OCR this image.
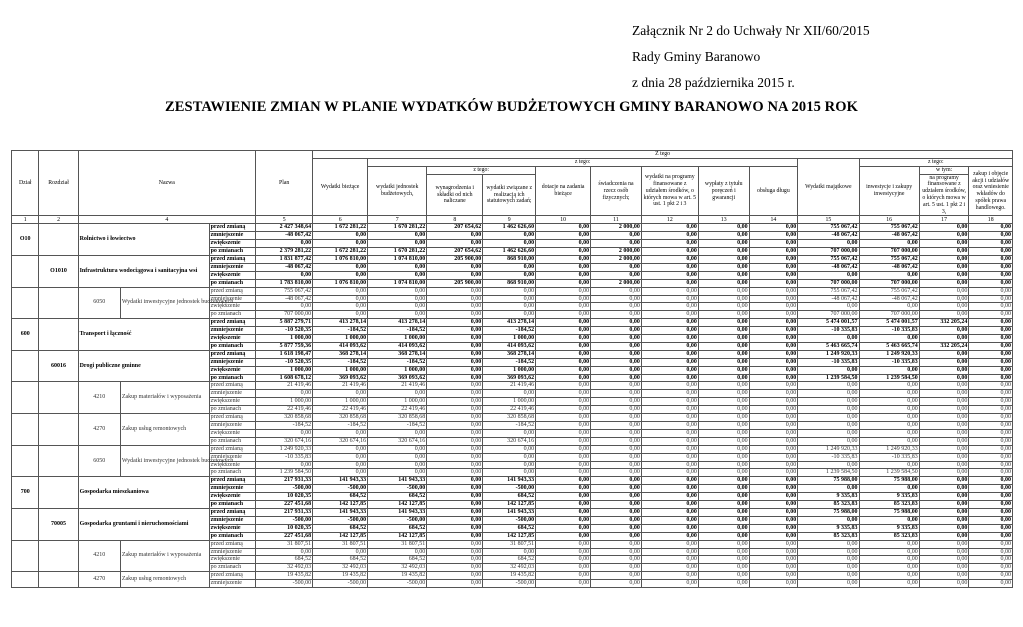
Załącznik Nr 2 do Uchwały Nr XII/60/2015
Rady Gminy Baranowo
z dnia 28 października 2015 r.
ZESTAWIENIE ZMIAN W PLANIE WYDATKÓW BUDŻETOWYCH GMINY BARANOWO NA 2015 ROK
Dział	Rozdział	Nazwa			Plan	Z tego												
						Wydatki bieżące	z tego:								Wydatki majątkowe	z tego:		
							wydatki jednostek budżetowych,	z tego:		dotacje na zadania bieżące	świadczenia na rzecz osób fizycznych;	wydatki na programy finansowane z udziałem środków, o których mowa w art. 5 ust. 1 pkt 2 i 3	wypłaty z tytułu poręczeń i gwarancji	obsługa długu		inwestycje i zakupy inwestycyjne	w tym:	zakup i objęcie akcji i udziałów oraz wniesienie wkładów do spółek prawa handlowego.
								wynagrodzenia i składki od nich naliczane	wydatki związane z realizacją ich statutowych zadań;								na programy finansowane z udziałem środków, o których mowa w art. 5 ust. 1 pkt 2 i 3,	
1	2	4			5	6	7	8	9	10	11	12	13	14	15	16	17	18
O10		Rolnictwo i łowiectwo		przed zmianą	2 427 348,64	1 672 281,22	1 670 281,22	207 654,62	1 462 626,60	0,00	2 000,00	0,00	0,00	0,00	755 067,42	755 067,42	0,00	0,00
				zmniejszenie	-48 067,42	0,00	0,00	0,00	0,00	0,00	0,00	0,00	0,00	0,00	-48 067,42	-48 067,42	0,00	0,00
				zwiększenie	0,00	0,00	0,00	0,00	0,00	0,00	0,00	0,00	0,00	0,00	0,00	0,00	0,00	0,00
				po zmianach	2 379 281,22	1 672 281,22	1 670 281,22	207 654,62	1 462 626,60	0,00	2 000,00	0,00	0,00	0,00	707 000,00	707 000,00	0,00	0,00
	O1010	Infrastruktura wodociągowa i sanitacyjna wsi		przed zmianą	1 831 877,42	1 076 810,00	1 074 810,00	205 900,00	868 910,00	0,00	2 000,00	0,00	0,00	0,00	755 067,42	755 067,42	0,00	0,00
				zmniejszenie	-48 067,42	0,00	0,00	0,00	0,00	0,00	0,00	0,00	0,00	0,00	-48 067,42	-48 067,42	0,00	0,00
				zwiększenie	0,00	0,00	0,00	0,00	0,00	0,00	0,00	0,00	0,00	0,00	0,00	0,00	0,00	0,00
				po zmianach	1 783 810,00	1 076 810,00	1 074 810,00	205 900,00	868 910,00	0,00	2 000,00	0,00	0,00	0,00	707 000,00	707 000,00	0,00	0,00
		6050	Wydatki inwestycyjne jednostek budżetowych	przed zmianą	755 067,42	0,00	0,00	0,00	0,00	0,00	0,00	0,00	0,00	0,00	755 067,42	755 067,42	0,00	0,00
				zmniejszenie	-48 067,42	0,00	0,00	0,00	0,00	0,00	0,00	0,00	0,00	0,00	-48 067,42	-48 067,42	0,00	0,00
				zwiększenie	0,00	0,00	0,00	0,00	0,00	0,00	0,00	0,00	0,00	0,00	0,00	0,00	0,00	0,00
				po zmianach	707 000,00	0,00	0,00	0,00	0,00	0,00	0,00	0,00	0,00	0,00	707 000,00	707 000,00	0,00	0,00
600		Transport i łączność		przed zmianą	5 887 279,71	413 278,14	413 278,14	0,00	413 278,14	0,00	0,00	0,00	0,00	0,00	5 474 001,57	5 474 001,57	332 205,24	0,00
				zmniejszenie	-10 520,35	-184,52	-184,52	0,00	-184,52	0,00	0,00	0,00	0,00	0,00	-10 335,83	-10 335,83	0,00	0,00
				zwiększenie	1 000,00	1 000,00	1 000,00	0,00	1 000,00	0,00	0,00	0,00	0,00	0,00	0,00	0,00	0,00	0,00
				po zmianach	5 877 759,36	414 093,62	414 093,62	0,00	414 093,62	0,00	0,00	0,00	0,00	0,00	5 463 665,74	5 463 665,74	332 205,24	0,00
	60016	Drogi publiczne gminne		przed zmianą	1 618 198,47	368 278,14	368 278,14	0,00	368 278,14	0,00	0,00	0,00	0,00	0,00	1 249 920,33	1 249 920,33	0,00	0,00
				zmniejszenie	-10 520,35	-184,52	-184,52	0,00	-184,52	0,00	0,00	0,00	0,00	0,00	-10 335,83	-10 335,83	0,00	0,00
				zwiększenie	1 000,00	1 000,00	1 000,00	0,00	1 000,00	0,00	0,00	0,00	0,00	0,00	0,00	0,00	0,00	0,00
				po zmianach	1 608 678,12	369 093,62	369 093,62	0,00	369 093,62	0,00	0,00	0,00	0,00	0,00	1 239 584,50	1 239 584,50	0,00	0,00
		4210	Zakup materiałów i wyposażenia	przed zmianą	21 419,46	21 419,46	21 419,46	0,00	21 419,46	0,00	0,00	0,00	0,00	0,00	0,00	0,00	0,00	0,00
				zmniejszenie	0,00	0,00	0,00	0,00	0,00	0,00	0,00	0,00	0,00	0,00	0,00	0,00	0,00	0,00
				zwiększenie	1 000,00	1 000,00	1 000,00	0,00	1 000,00	0,00	0,00	0,00	0,00	0,00	0,00	0,00	0,00	0,00
				po zmianach	22 419,46	22 419,46	22 419,46	0,00	22 419,46	0,00	0,00	0,00	0,00	0,00	0,00	0,00	0,00	0,00
		4270	Zakup usług remontowych	przed zmianą	320 858,68	320 858,68	320 858,68	0,00	320 858,68	0,00	0,00	0,00	0,00	0,00	0,00	0,00	0,00	0,00
				zmniejszenie	-184,52	-184,52	-184,52	0,00	-184,52	0,00	0,00	0,00	0,00	0,00	0,00	0,00	0,00	0,00
				zwiększenie	0,00	0,00	0,00	0,00	0,00	0,00	0,00	0,00	0,00	0,00	0,00	0,00	0,00	0,00
				po zmianach	320 674,16	320 674,16	320 674,16	0,00	320 674,16	0,00	0,00	0,00	0,00	0,00	0,00	0,00	0,00	0,00
		6050	Wydatki inwestycyjne jednostek budżetowych	przed zmianą	1 249 920,33	0,00	0,00	0,00	0,00	0,00	0,00	0,00	0,00	0,00	1 249 920,33	1 249 920,33	0,00	0,00
				zmniejszenie	-10 335,83	0,00	0,00	0,00	0,00	0,00	0,00	0,00	0,00	0,00	-10 335,83	-10 335,83	0,00	0,00
				zwiększenie	0,00	0,00	0,00	0,00	0,00	0,00	0,00	0,00	0,00	0,00	0,00	0,00	0,00	0,00
				po zmianach	1 239 584,50	0,00	0,00	0,00	0,00	0,00	0,00	0,00	0,00	0,00	1 239 584,50	1 239 584,50	0,00	0,00
700		Gospodarka mieszkaniowa		przed zmianą	217 931,33	141 943,33	141 943,33	0,00	141 943,33	0,00	0,00	0,00	0,00	0,00	75 988,00	75 988,00	0,00	0,00
				zmniejszenie	-500,00	-500,00	-500,00	0,00	-500,00	0,00	0,00	0,00	0,00	0,00	0,00	0,00	0,00	0,00
				zwiększenie	10 020,35	684,52	684,52	0,00	684,52	0,00	0,00	0,00	0,00	0,00	9 335,83	9 335,83	0,00	0,00
				po zmianach	227 451,68	142 127,85	142 127,85	0,00	142 127,85	0,00	0,00	0,00	0,00	0,00	85 323,83	85 323,83	0,00	0,00
	70005	Gospodarka gruntami i nieruchomościami		przed zmianą	217 931,33	141 943,33	141 943,33	0,00	141 943,33	0,00	0,00	0,00	0,00	0,00	75 988,00	75 988,00	0,00	0,00
				zmniejszenie	-500,00	-500,00	-500,00	0,00	-500,00	0,00	0,00	0,00	0,00	0,00	0,00	0,00	0,00	0,00
				zwiększenie	10 020,35	684,52	684,52	0,00	684,52	0,00	0,00	0,00	0,00	0,00	9 335,83	9 335,83	0,00	0,00
				po zmianach	227 451,68	142 127,85	142 127,85	0,00	142 127,85	0,00	0,00	0,00	0,00	0,00	85 323,83	85 323,83	0,00	0,00
		4210	Zakup materiałów i wyposażenia	przed zmianą	31 807,51	31 807,51	31 807,51	0,00	31 807,51	0,00	0,00	0,00	0,00	0,00	0,00	0,00	0,00	0,00
				zmniejszenie	0,00	0,00	0,00	0,00	0,00	0,00	0,00	0,00	0,00	0,00	0,00	0,00	0,00	0,00
				zwiększenie	684,52	684,52	684,52	0,00	684,52	0,00	0,00	0,00	0,00	0,00	0,00	0,00	0,00	0,00
				po zmianach	32 492,03	32 492,03	32 492,03	0,00	32 492,03	0,00	0,00	0,00	0,00	0,00	0,00	0,00	0,00	0,00
		4270	Zakup usług remontowych	przed zmianą	19 435,82	19 435,82	19 435,82	0,00	19 435,82	0,00	0,00	0,00	0,00	0,00	0,00	0,00	0,00	0,00
				zmniejszenie	-500,00	-500,00	-500,00	0,00	-500,00	0,00	0,00	0,00	0,00	0,00	0,00	0,00	0,00	0,00
